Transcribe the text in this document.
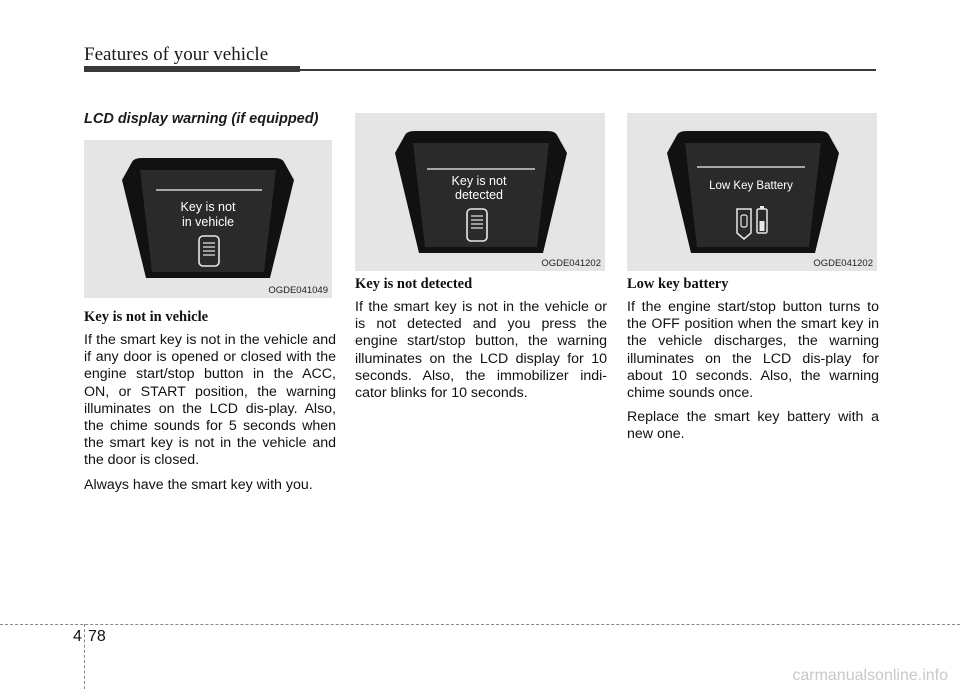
Features of your vehicle
LCD display warning (if equipped)
Key is not
in vehicle
OGDE041049
Key is not
detected
OGDE041202
Low Key Battery
OGDE041202
Key is not in vehicle

If the smart key is not in the vehicle and if any door is opened or closed with the engine start/stop button in the ACC, ON, or START position, the warning illuminates on the LCD dis-play. Also, the chime sounds for 5 seconds when the smart key is not in the vehicle and the door is closed.

Always have the smart key with you.

Key is not detected

If the smart key is not in the vehicle or is not detected and you press the engine start/stop button, the warning illuminates on the LCD display for 10 seconds. Also, the immobilizer indi-cator blinks for 10 seconds.

Low key battery

If the engine start/stop button turns to the OFF position when the smart key in the vehicle discharges, the warning illuminates on the LCD dis-play for about 10 seconds. Also, the warning chime sounds once.

Replace the smart key battery with a new one.

4 78
carmanualsonline.info
